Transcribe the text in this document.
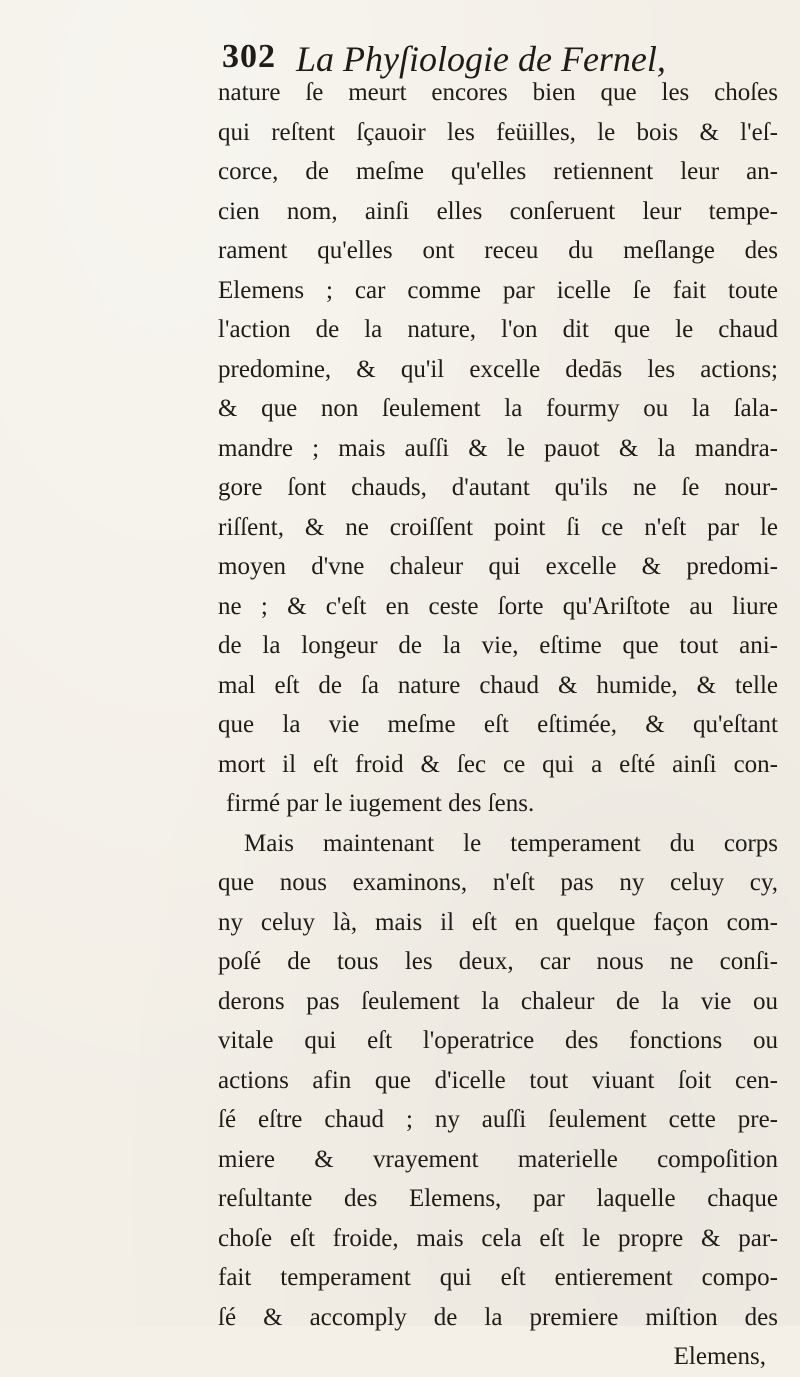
302 La Phyſiologie de Fernel,
nature ſe meurt encores bien que les choſes
qui reſtent ſçauoir les feüilles, le bois & l'eſ-
corce, de meſme qu'elles retiennent leur an-
cien nom, ainſi elles conſeruent leur tempe-
rament qu'elles ont receu du meſlange des
Elemens ; car comme par icelle ſe fait toute
l'action de la nature, l'on dit que le chaud
predomine, & qu'il excelle dedās les actions;
& que non ſeulement la fourmy ou la ſala-
mandre ; mais auſſi & le pauot & la mandra-
gore ſont chauds, d'autant qu'ils ne ſe nour-
riſſent, & ne croiſſent point ſi ce n'eſt par le
moyen d'vne chaleur qui excelle & predomi-
ne ; & c'eſt en ceste ſorte qu'Ariſtote au liure
de la longeur de la vie, eſtime que tout ani-
mal eſt de ſa nature chaud & humide, & telle
que la vie meſme eſt eſtimée, & qu'eſtant
mort il eſt froid & ſec ce qui a eſté ainſi con-
firmé par le iugement des ſens.
Mais maintenant le temperament du corps
que nous examinons, n'eſt pas ny celuy cy,
ny celuy là, mais il eſt en quelque façon com-
poſé de tous les deux, car nous ne conſi-
derons pas ſeulement la chaleur de la vie ou
vitale qui eſt l'operatrice des fonctions ou
actions afin que d'icelle tout viuant ſoit cen-
ſé eſtre chaud ; ny auſſi ſeulement cette pre-
miere & vrayement materielle compoſition
reſultante des Elemens, par laquelle chaque
choſe eſt froide, mais cela eſt le propre & par-
fait temperament qui eſt entierement compo-
ſé & accomply de la premiere miſtion des
Elemens,
